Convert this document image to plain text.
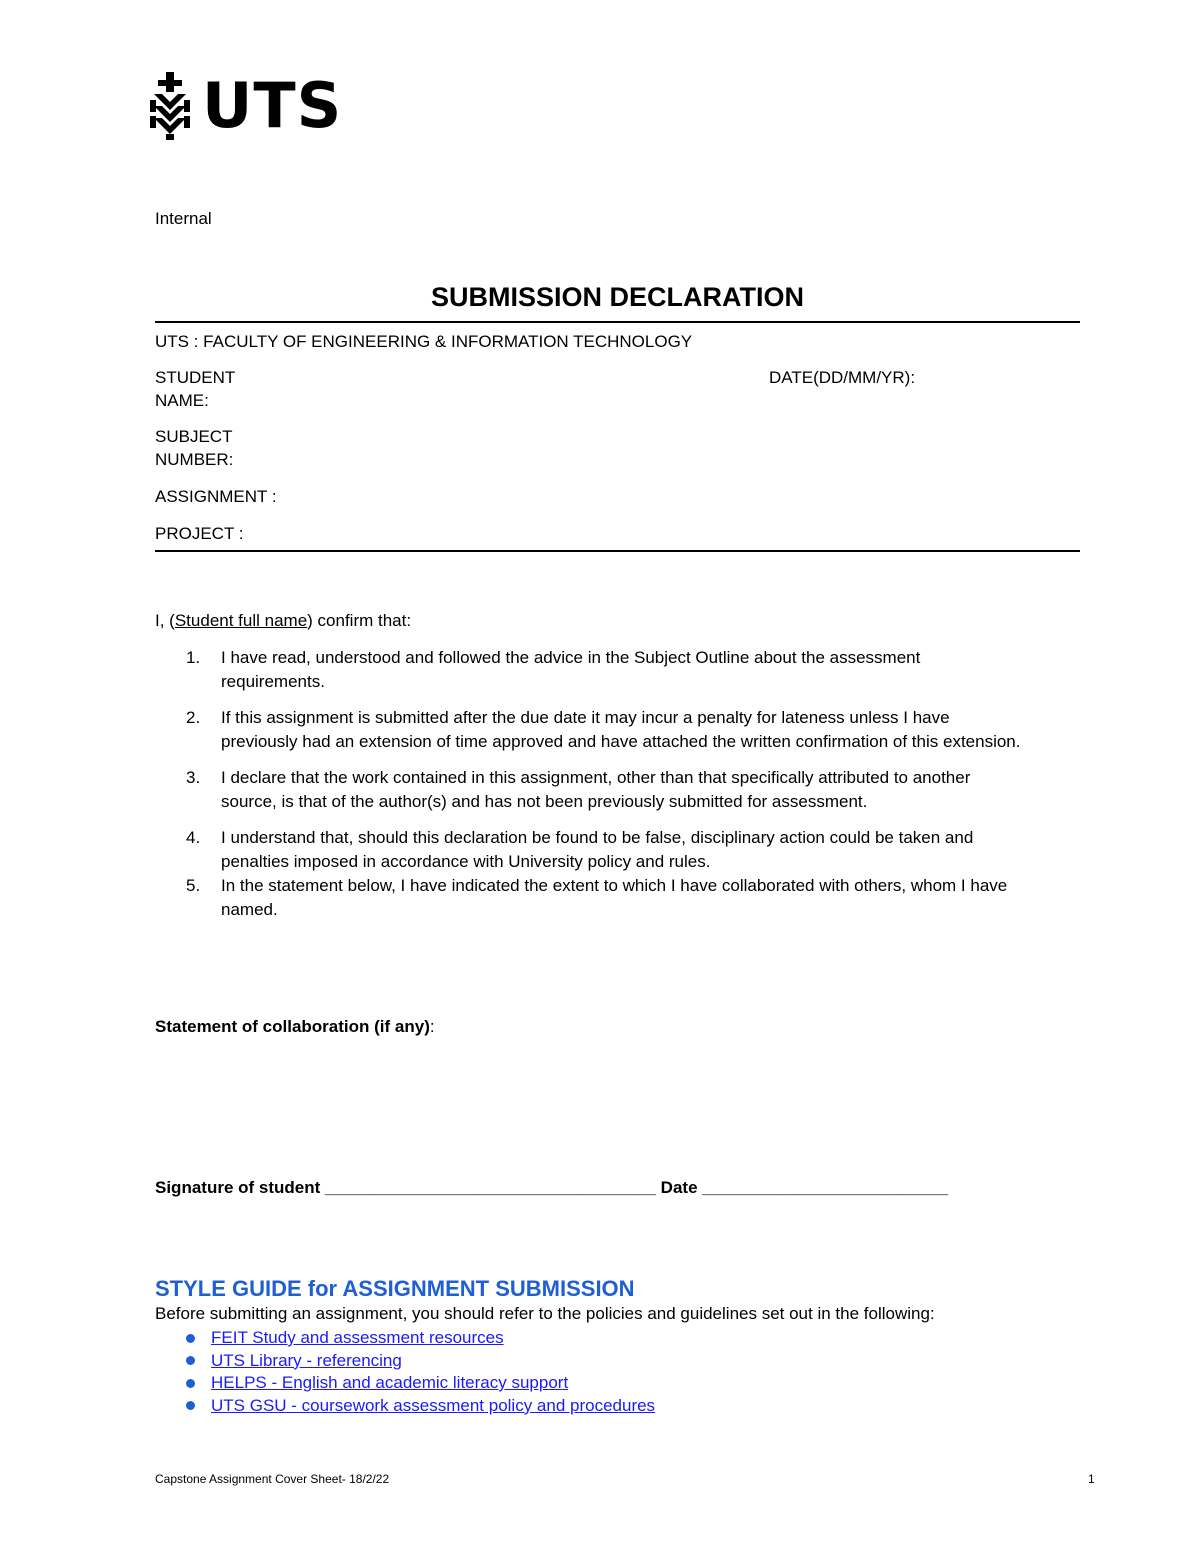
UTS
Internal
SUBMISSION DECLARATION
UTS : FACULTY OF ENGINEERING & INFORMATION TECHNOLOGY
STUDENT
NAME:
DATE(DD/MM/YR):
SUBJECT
NUMBER:
ASSIGNMENT :
PROJECT :
I, (Student full name) confirm that:
1.	I have read, understood and followed the advice in the Subject Outline about the assessment
requirements.
2.	If this assignment is submitted after the due date it may incur a penalty for lateness unless I have
previously had an extension of time approved and have attached the written confirmation of this extension.
3.	I declare that the work contained in this assignment, other than that specifically attributed to another
source, is that of the author(s) and has not been previously submitted for assessment.
4.	I understand that, should this declaration be found to be false, disciplinary action could be taken and
penalties imposed in accordance with University policy and rules.
5.	In the statement below, I have indicated the extent to which I have collaborated with others, whom I have
named.
Statement of collaboration (if any):
Signature of student ___________________________________ Date __________________________
STYLE GUIDE for ASSIGNMENT SUBMISSION
Before submitting an assignment, you should refer to the policies and guidelines set out in the following:
FEIT Study and assessment resources
UTS Library - referencing
HELPS - English and academic literacy support
UTS GSU - coursework assessment policy and procedures
Capstone Assignment Cover Sheet- 18/2/22	1
